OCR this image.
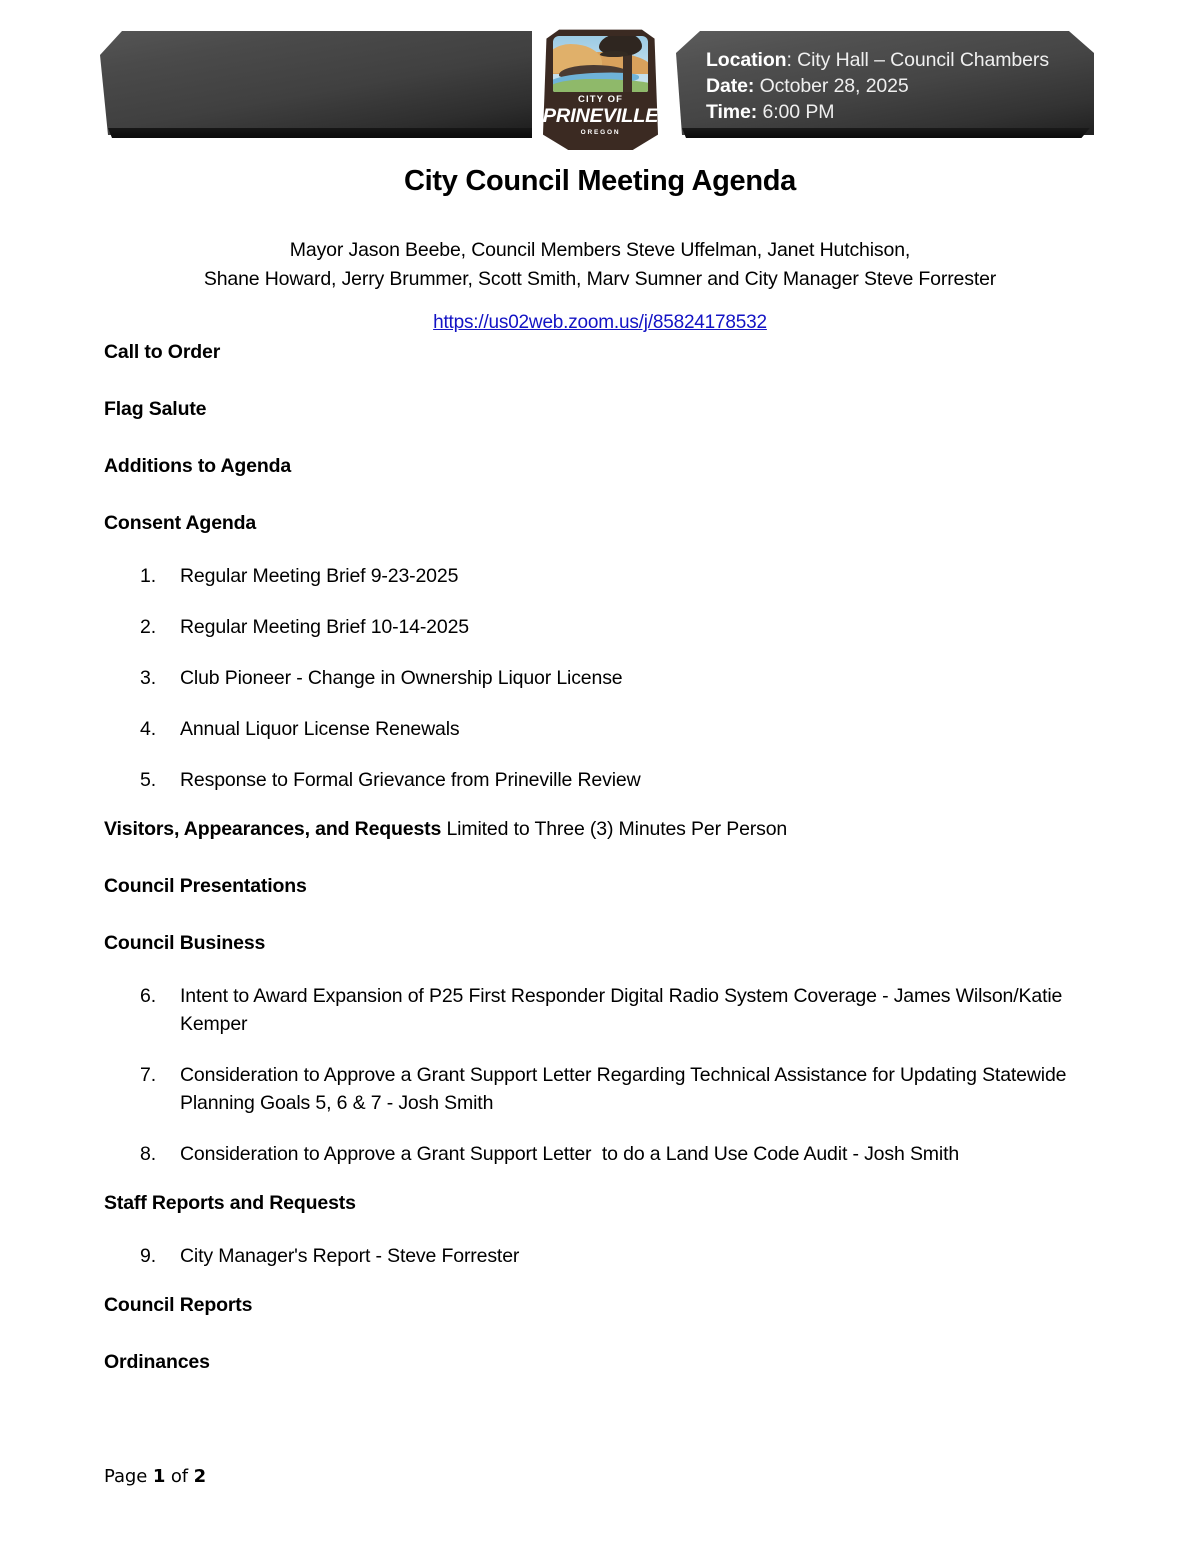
Location: City Hall – Council Chambers
Date: October 28, 2025
Time: 6:00 PM
CITY OF
PRINEVILLE
OREGON
City Council Meeting Agenda
Mayor Jason Beebe, Council Members Steve Uffelman, Janet Hutchison,
Shane Howard, Jerry Brummer, Scott Smith, Marv Sumner and City Manager Steve Forrester
https://us02web.zoom.us/j/85824178532
Call to Order
Flag Salute
Additions to Agenda
Consent Agenda
1.	Regular Meeting Brief 9-23-2025
2.	Regular Meeting Brief 10-14-2025
3.	Club Pioneer - Change in Ownership Liquor License
4.	Annual Liquor License Renewals
5.	Response to Formal Grievance from Prineville Review
Visitors, Appearances, and Requests Limited to Three (3) Minutes Per Person
Council Presentations
Council Business
6.	Intent to Award Expansion of P25 First Responder Digital Radio System Coverage - James Wilson/Katie Kemper
7.	Consideration to Approve a Grant Support Letter Regarding Technical Assistance for Updating Statewide Planning Goals 5, 6 & 7 - Josh Smith
8.	Consideration to Approve a Grant Support Letter  to do a Land Use Code Audit - Josh Smith
Staff Reports and Requests
9.	City Manager's Report - Steve Forrester
Council Reports
Ordinances
Page 1 of 2
